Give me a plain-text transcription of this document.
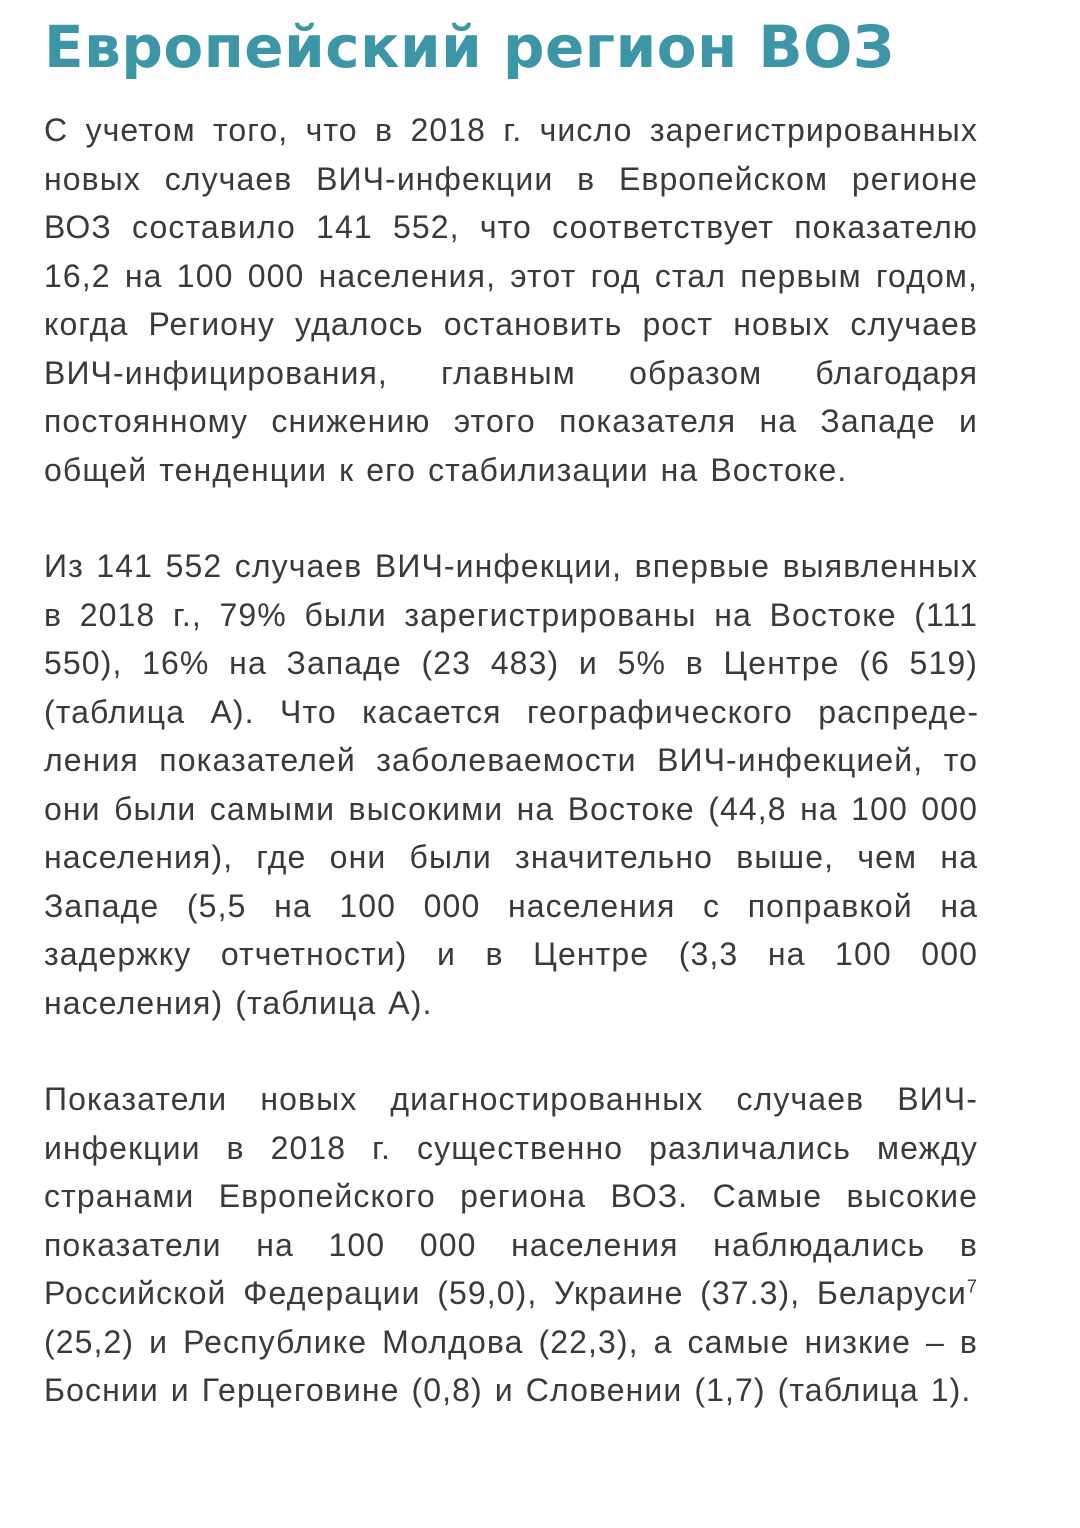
Европейский регион ВОЗ

С учетом того, что в 2018 г. число зарегистрированных новых случаев ВИЧ-инфекции в Европейском регионе ВОЗ составило 141 552, что соответствует показателю 16,2 на 100 000 населения, этот год стал первым годом, когда Региону удалось остановить рост новых случаев ВИЧ-инфицирования, главным образом благодаря постоянному снижению этого показателя на Западе и общей тенденции к его стабилизации на Востоке.

Из 141 552 случаев ВИЧ-инфекции, впервые выявленных в 2018 г., 79% были зарегистрированы на Востоке (111 550), 16% на Западе (23 483) и 5% в Центре (6 519) (таблица А). Что касается географического распределения показателей заболеваемости ВИЧ-инфекцией, то они были самыми высокими на Востоке (44,8 на 100 000 населения), где они были значительно выше, чем на Западе (5,5 на 100 000 населения с поправкой на задержку отчетности) и в Центре (3,3 на 100 000 населения) (таблица А).

Показатели новых диагностированных случаев ВИЧ-инфекции в 2018 г. существенно различались между странами Европейского региона ВОЗ. Самые высокие показатели на 100 000 населения наблюдались в Российской Федерации (59,0), Украине (37.3), Беларуси$^7$ (25,2) и Республике Молдова (22,3), а самые низкие – в Боснии и Герцеговине (0,8) и Словении (1,7) (таблица 1).
